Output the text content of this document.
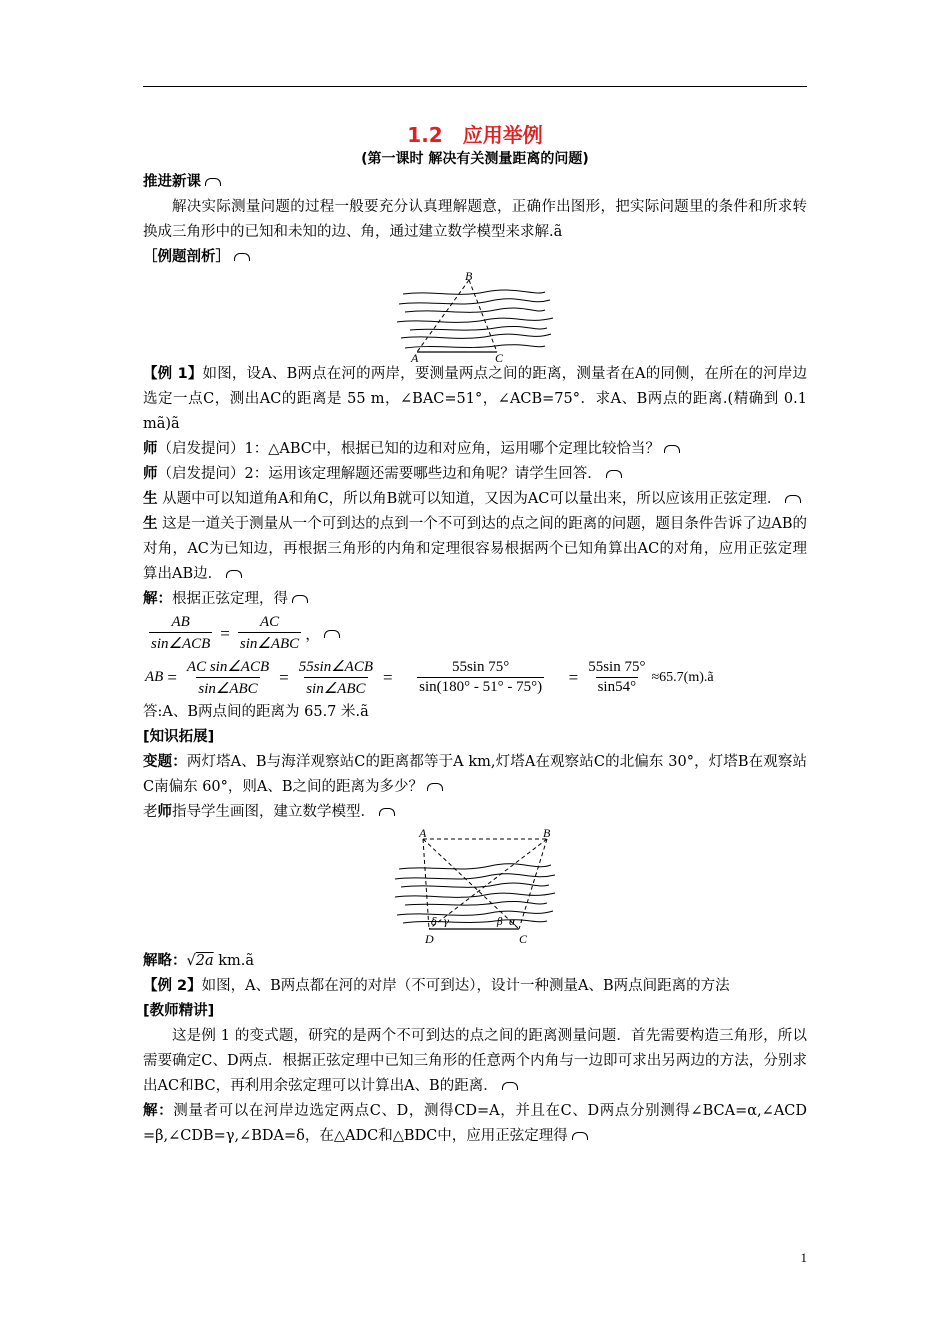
1.2　应用举例
(第一课时 解决有关测量距离的问题)

推进新课

解决实际测量问题的过程一般要充分认真理解题意，正确作出图形，把实际问题里的条件和所求转换成三角形中的已知和未知的边、角，通过建立数学模型来求解.ã

［例题剖析］

B
A	C

【例 1】如图，设A、B两点在河的两岸，要测量两点之间的距离，测量者在A的同侧，在所在的河岸边选定一点C，测出AC的距离是 55 m，∠BAC=51°，∠ACB=75°．求A、B两点的距离.(精确到 0.1 mã)ã

师（启发提问）1：△ABC中，根据已知的边和对应角，运用哪个定理比较恰当？

师（启发提问）2：运用该定理解题还需要哪些边和角呢？请学生回答．

生 从题中可以知道角A和角C，所以角B就可以知道，又因为AC可以量出来，所以应该用正弦定理．

生 这是一道关于测量从一个可到达的点到一个不可到达的点之间的距离的问题，题目条件告诉了边AB的对角，AC为已知边，再根据三角形的内角和定理很容易根据两个已知角算出AC的对角，应用正弦定理算出AB边．

解：根据正弦定理，得

$\frac{AB}{\text{sin∠ACB}} = \frac{AC}{\text{sin∠ABC}}$ ，
AB = $\frac{\text{AC sin∠ACB}}{\text{sin∠ABC}} = \frac{\text{55sin∠ACB}}{\text{sin∠ABC}} = \frac{55\sin 75^\circ}{\sin(180^\circ - 51^\circ - 75^\circ)} = \frac{55\sin 75^\circ}{\sin 54^\circ}$ ≈65.7(m).ã

答:A、B两点间的距离为 65.7 米.ã

[知识拓展]

变题：两灯塔A、B与海洋观察站C的距离都等于A km,灯塔A在观察站C的北偏东 30°，灯塔B在观察站C南偏东 60°，则A、B之间的距离为多少？

老师指导学生画图，建立数学模型．

A	B
D	C
δ γ	β α

解略：√2a km.ã

【例 2】如图，A、B两点都在河的对岸（不可到达），设计一种测量A、B两点间距离的方法

[教师精讲]

这是例 1 的变式题，研究的是两个不可到达的点之间的距离测量问题．首先需要构造三角形，所以需要确定C、D两点．根据正弦定理中已知三角形的任意两个内角与一边即可求出另两边的方法，分别求出AC和BC，再利用余弦定理可以计算出A、B的距离．

解：测量者可以在河岸边选定两点C、D，测得CD=A，并且在C、D两点分别测得∠BCA=α,∠ACD =β,∠CDB=γ,∠BDA=δ，在△ADC和△BDC中，应用正弦定理得

1
